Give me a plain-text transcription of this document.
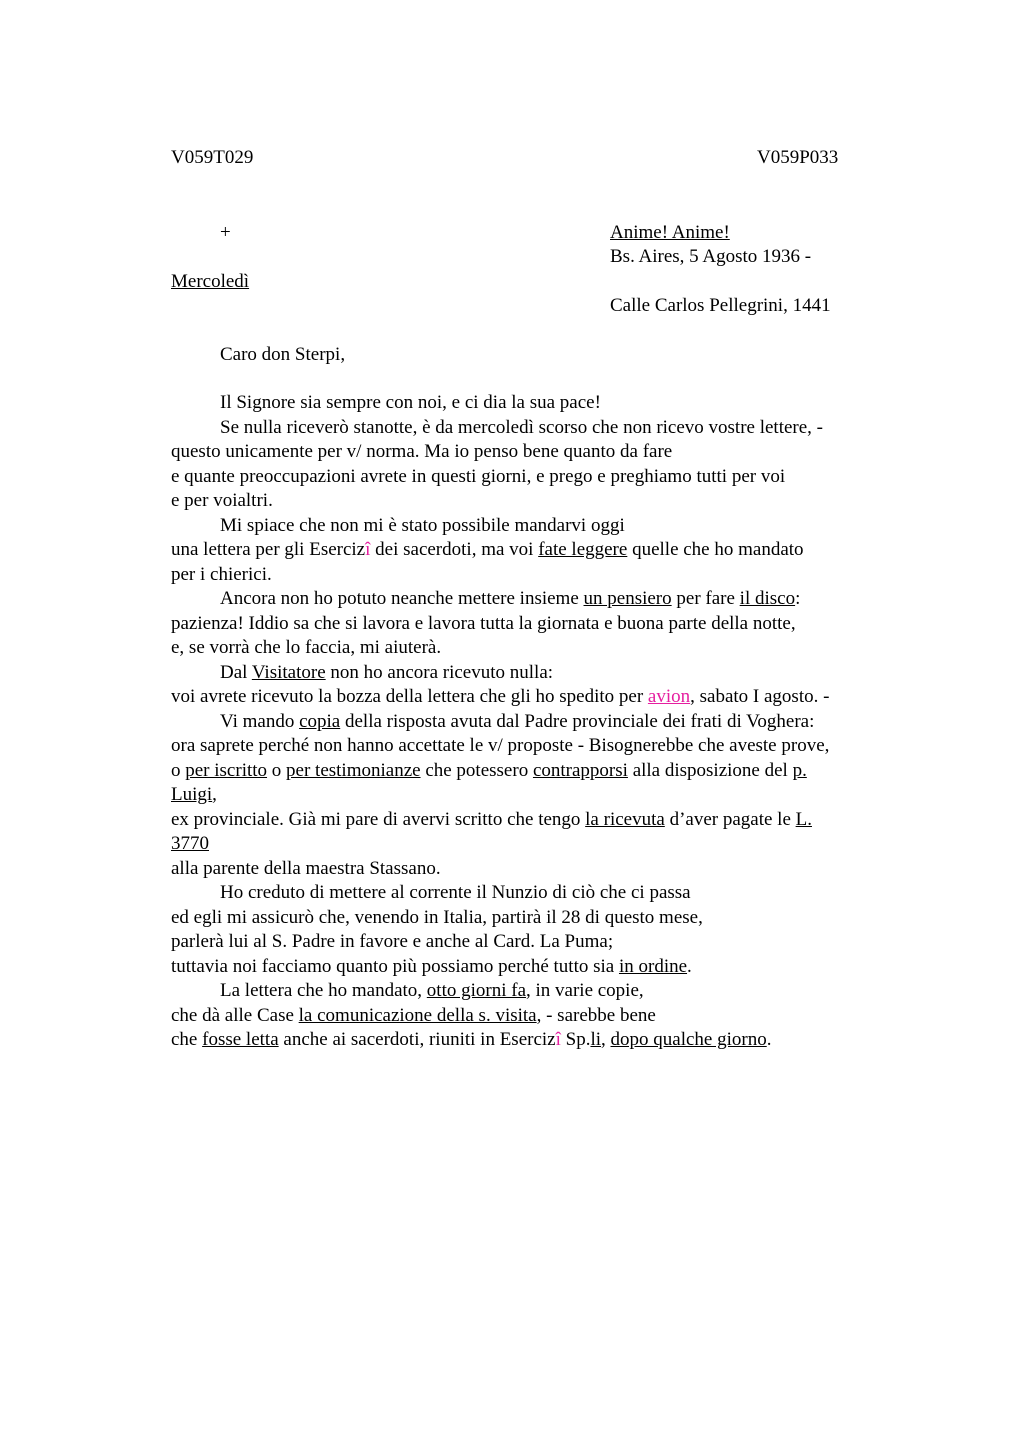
V059T029	V059P033
+	Anime! Anime!
Bs. Aires, 5 Agosto 1936 -
Mercoledì
Calle Carlos Pellegrini, 1441
Caro don Sterpi,
Il Signore sia sempre con noi, e ci dia la sua pace!
Se nulla riceverò stanotte, è da mercoledì scorso che non ricevo vostre lettere, -
questo unicamente per v/ norma. Ma io penso bene quanto da fare
e quante preoccupazioni avrete in questi giorni, e prego e preghiamo tutti per voi
e per voialtri.
Mi spiace che non mi è stato possibile mandarvi oggi
una lettera per gli Esercizî dei sacerdoti, ma voi fate leggere quelle che ho mandato
per i chierici.
Ancora non ho potuto neanche mettere insieme un pensiero per fare il disco:
pazienza! Iddio sa che si lavora e lavora tutta la giornata e buona parte della notte,
e, se vorrà che lo faccia, mi aiuterà.
Dal Visitatore non ho ancora ricevuto nulla:
voi avrete ricevuto la bozza della lettera che gli ho spedito per avion, sabato I agosto. -
Vi mando copia della risposta avuta dal Padre provinciale dei frati di Voghera:
ora saprete perché non hanno accettate le v/ proposte - Bisognerebbe che aveste prove,
o per iscritto o per testimonianze che potessero contrapporsi alla disposizione del p.
Luigi,
ex provinciale. Già mi pare di avervi scritto che tengo la ricevuta d’aver pagate le L.
3770
alla parente della maestra Stassano.
Ho creduto di mettere al corrente il Nunzio di ciò che ci passa
ed egli mi assicurò che, venendo in Italia, partirà il 28 di questo mese,
parlerà lui al S. Padre in favore e anche al Card. La Puma;
tuttavia noi facciamo quanto più possiamo perché tutto sia in ordine.
La lettera che ho mandato, otto giorni fa, in varie copie,
che dà alle Case la comunicazione della s. visita, - sarebbe bene
che fosse letta anche ai sacerdoti, riuniti in Esercizî Sp.li, dopo qualche giorno.
